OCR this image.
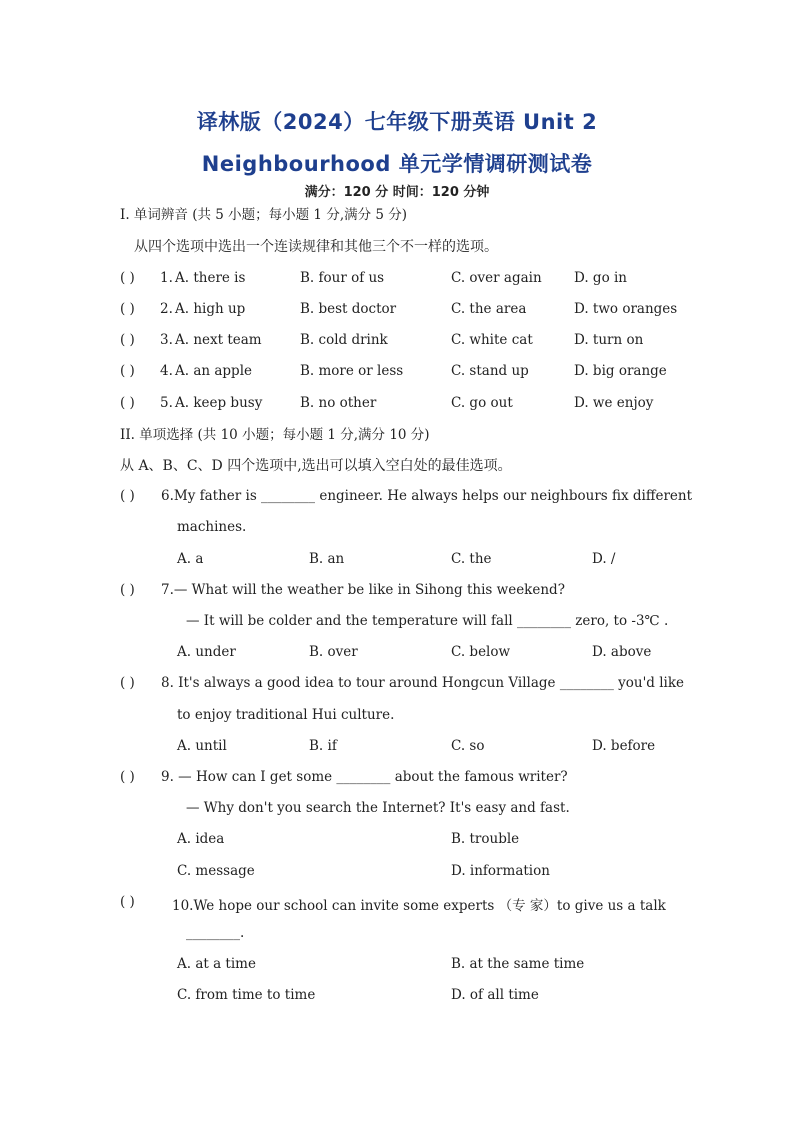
译林版（2024）七年级下册英语 Unit 2
Neighbourhood 单元学情调研测试卷
满分：120 分 时间：120 分钟
I. 单词辨音 (共 5 小题；每小题 1 分,满分 5 分)
从四个选项中选出一个连读规律和其他三个不一样的选项。
( ) 1. A. there is	B. four of us	C. over again D. go in
( ) 2. A. high up	B. best doctor	C. the area	D. two oranges
( ) 3. A. next team	B. cold drink	C. white cat	D. turn on
( ) 4. A. an apple	B. more or less	C. stand up	D. big orange
( ) 5. A. keep busy	B. no other	C. go out	D. we enjoy
II. 单项选择 (共 10 小题；每小题 1 分,满分 10 分)
从 A、B、C、D 四个选项中,选出可以填入空白处的最佳选项。
( ) 6.My father is ________ engineer. He always helps our neighbours fix different
machines.
A. a	B. an	C. the	D. /
( ) 7.— What will the weather be like in Sihong this weekend?
— It will be colder and the temperature will fall ________ zero, to -3℃ .
A. under	B. over	C. below	D. above
( ) 8. It's always a good idea to tour around Hongcun Village ________ you'd like
to enjoy traditional Hui culture.
A. until	B. if	C. so	D. before
( ) 9. — How can I get some ________ about the famous writer?
— Why don't you search the Internet? It's easy and fast.
A. idea	B. trouble
C. message	D. information
( )	10.We hope our school can invite some experts （专 家）to give us a talk
________.
A. at a time	B. at the same time
C. from time to time	D. of all time
